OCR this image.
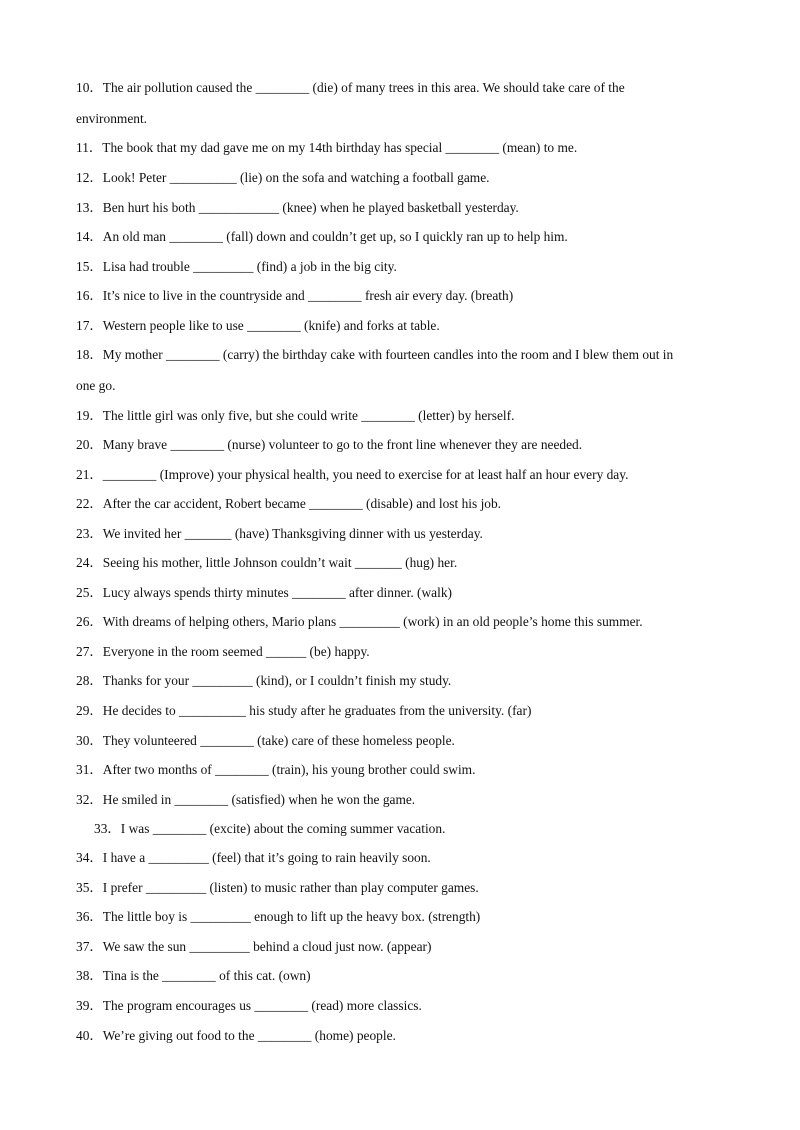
10．The air pollution caused the ________ (die) of many trees in this area. We should take care of the
environment.
11．The book that my dad gave me on my 14th birthday has special ________ (mean) to me.
12．Look! Peter __________ (lie) on the sofa and watching a football game.
13．Ben hurt his both ____________ (knee) when he played basketball yesterday.
14．An old man ________ (fall) down and couldn’t get up, so I quickly ran up to help him.
15．Lisa had trouble _________ (find) a job in the big city.
16．It’s nice to live in the countryside and ________ fresh air every day. (breath)
17．Western people like to use ________ (knife) and forks at table.
18．My mother ________ (carry) the birthday cake with fourteen candles into the room and I blew them out in
one go.
19．The little girl was only five, but she could write ________ (letter) by herself.
20．Many brave ________ (nurse) volunteer to go to the front line whenever they are needed.
21．________ (Improve) your physical health, you need to exercise for at least half an hour every day.
22．After the car accident, Robert became ________ (disable) and lost his job.
23．We invited her _______ (have) Thanksgiving dinner with us yesterday.
24．Seeing his mother, little Johnson couldn’t wait _______ (hug) her.
25．Lucy always spends thirty minutes ________ after dinner. (walk)
26．With dreams of helping others, Mario plans _________ (work) in an old people’s home this summer.
27．Everyone in the room seemed ______ (be) happy.
28．Thanks for your _________ (kind), or I couldn’t finish my study.
29．He decides to __________ his study after he graduates from the university. (far)
30．They volunteered ________ (take) care of these homeless people.
31．After two months of ________ (train), his young brother could swim.
32．He smiled in ________ (satisfied) when he won the game.
33．I was ________ (excite) about the coming summer vacation.
34．I have a _________ (feel) that it’s going to rain heavily soon.
35．I prefer _________ (listen) to music rather than play computer games.
36．The little boy is _________ enough to lift up the heavy box. (strength)
37．We saw the sun _________ behind a cloud just now. (appear)
38．Tina is the ________ of this cat. (own)
39．The program encourages us ________ (read) more classics.
40．We’re giving out food to the ________ (home) people.
